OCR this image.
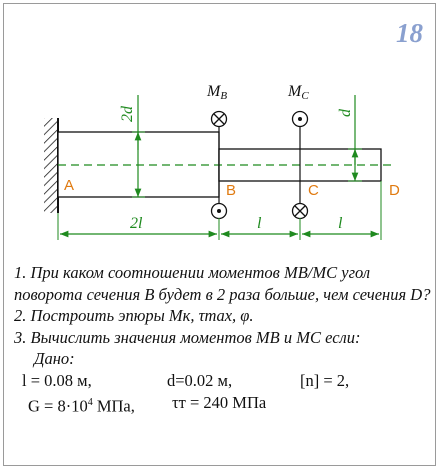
18
2d	d
MB	MC
A	B	C	D
2l	l	l

1. При каком соотношении моментов MВ/MС угол поворота сечения B будет в 2 раза больше, чем сечения D?

2. Построить эпюры Mк, τmax, φ.

3. Вычислить значения моментов MB и MC если:

Дано:
l = 0.08 м,	d=0.02 м,	[n] = 2,
$G = 8\cdot 10^4$ МПа, τт = 240 МПа
